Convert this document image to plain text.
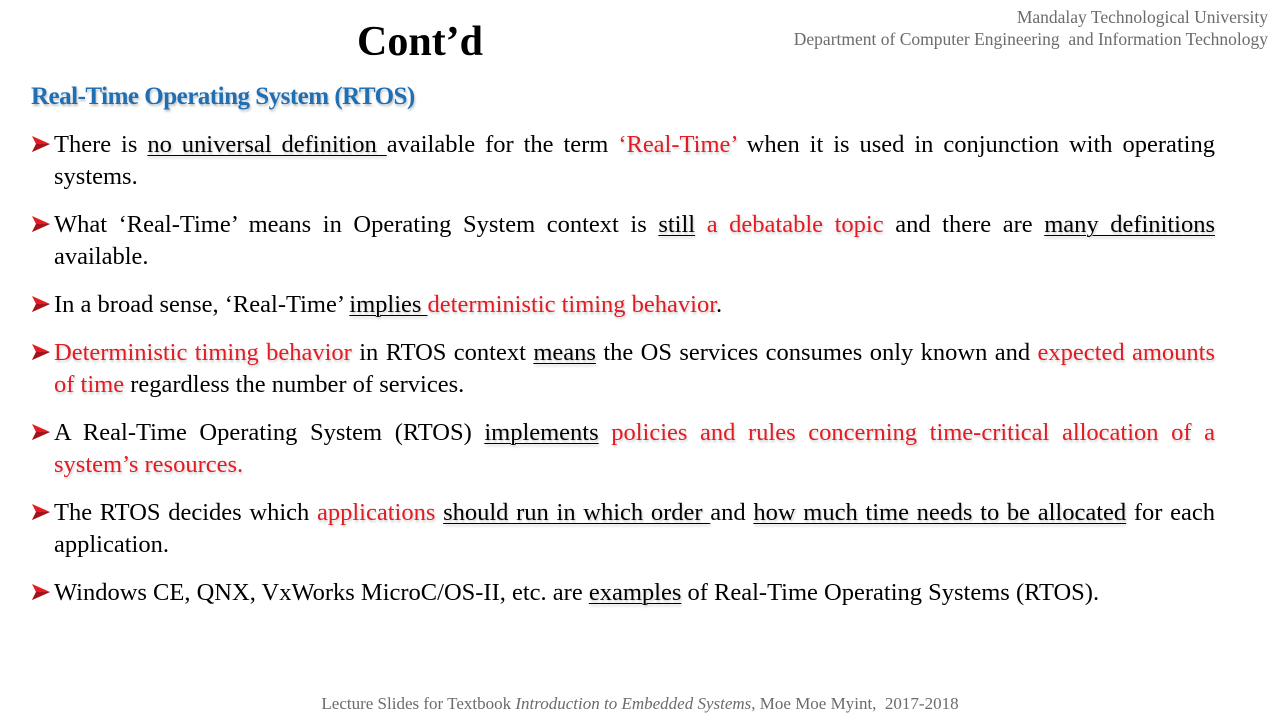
Cont’d
Mandalay Technological University
Department of Computer Engineering  and Information Technology
Real-Time Operating System (RTOS)
There is no universal definition available for the term ‘Real-Time’ when it is used in conjunction with operating systems.
What ‘Real-Time’ means in Operating System context is still a debatable topic and there are many definitions available.
In a broad sense, ‘Real-Time’ implies deterministic timing behavior.
Deterministic timing behavior in RTOS context means the OS services consumes only known and expected amounts of time regardless the number of services.
A Real-Time Operating System (RTOS) implements policies and rules concerning time-critical allocation of a system’s resources.
The RTOS decides which applications should run in which order and how much time needs to be allocated for each application.
Windows CE, QNX, VxWorks MicroC/OS-II, etc. are examples of Real-Time Operating Systems (RTOS).
Lecture Slides for Textbook Introduction to Embedded Systems, Moe Moe Myint,  2017-2018
